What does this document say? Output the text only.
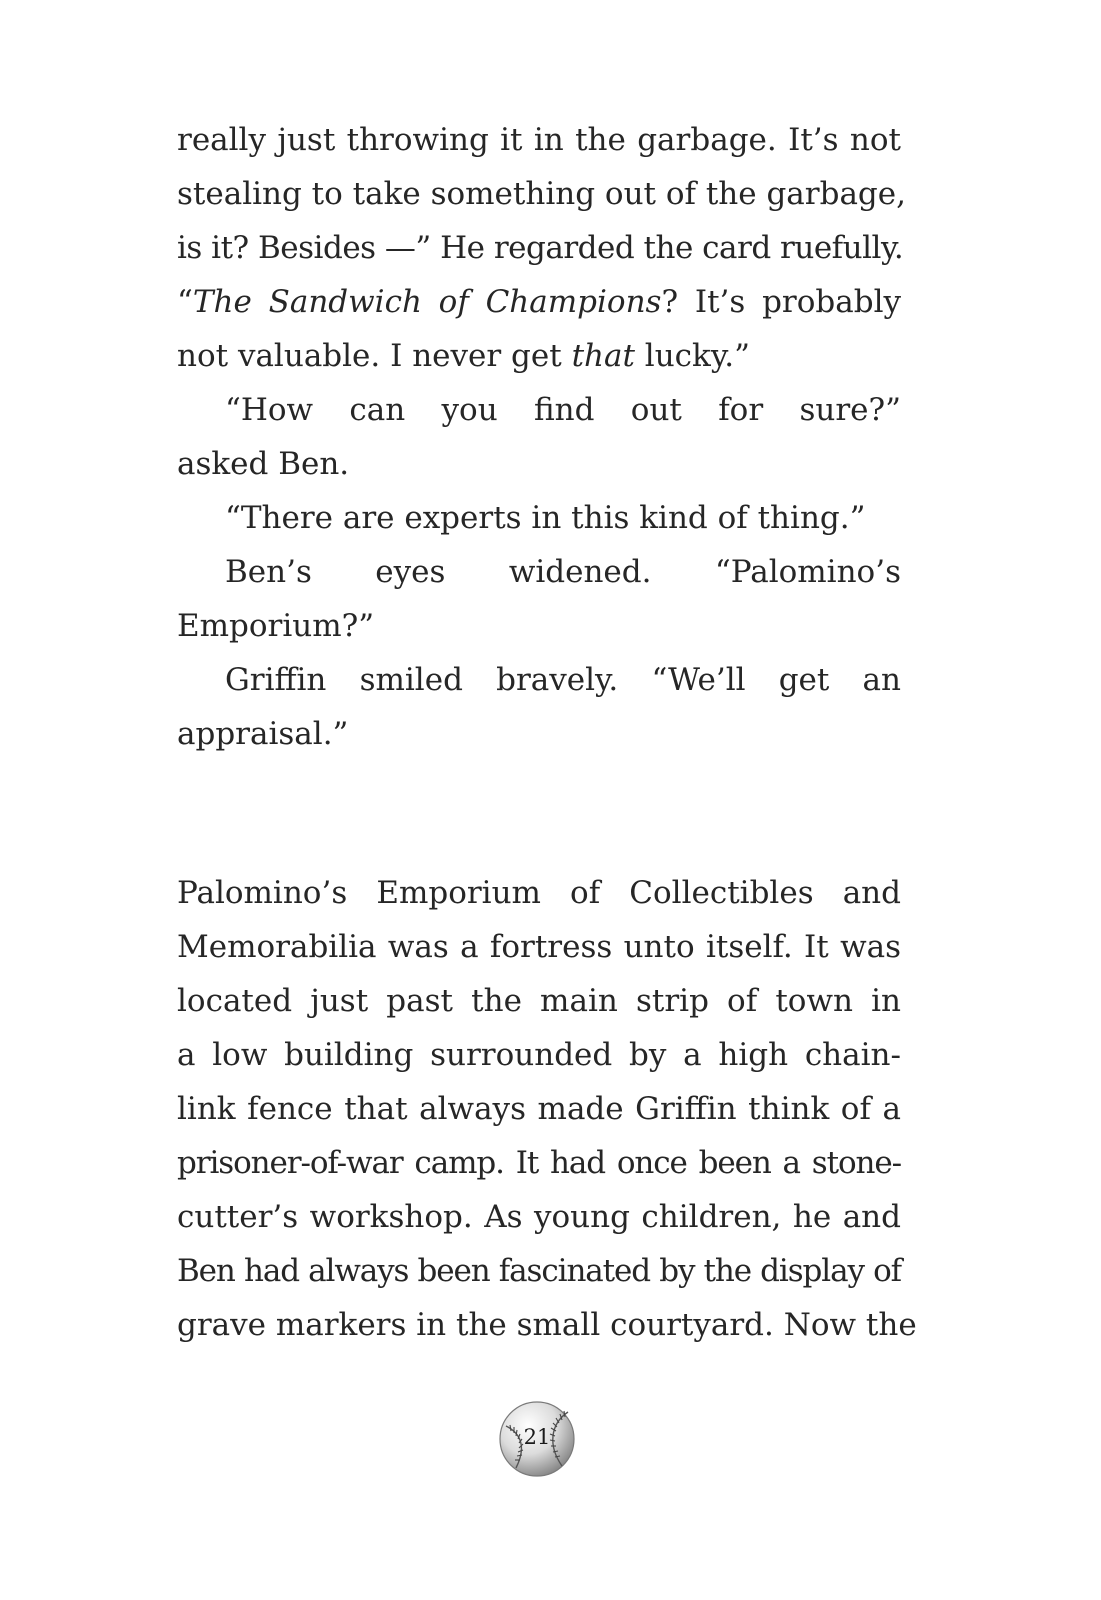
really just throwing it in the garbage. It’s not
stealing to take something out of the garbage,
is it? Besides —” He regarded the card ruefully.
“The Sandwich of Champions? It’s probably
not valuable. I never get that lucky.”
“How can you find out for sure?”
asked Ben.
“There are experts in this kind of thing.”
Ben’s eyes widened. “Palomino’s
Emporium?”
Griffin smiled bravely. “We’ll get an
appraisal.”
Palomino’s Emporium of Collectibles and
Memorabilia was a fortress unto itself. It was
located just past the main strip of town in
a low building surrounded by a high chain-
link fence that always made Griffin think of a
prisoner-of-war camp. It had once been a stone-
cutter’s workshop. As young children, he and
Ben had always been fascinated by the display of
grave markers in the small courtyard. Now the
21
